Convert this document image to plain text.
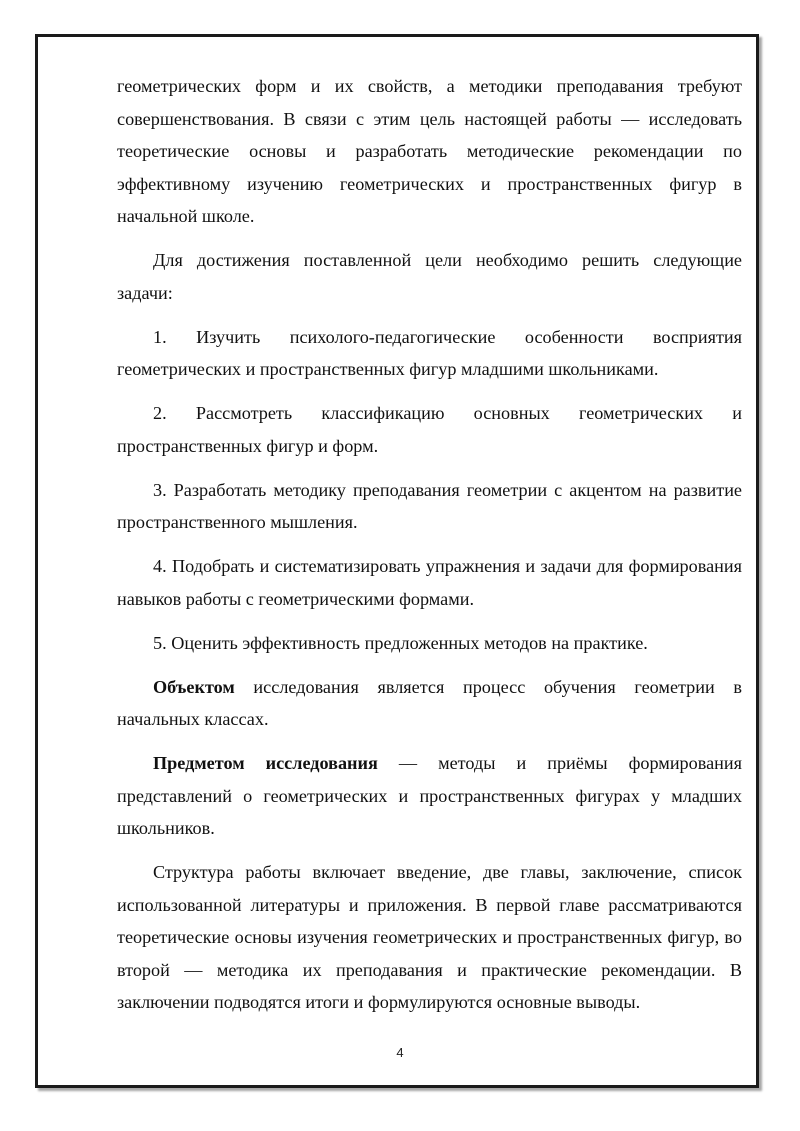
геометрических форм и их свойств, а методики преподавания требуют совершенствования. В связи с этим цель настоящей работы — исследовать теоретические основы и разработать методические рекомендации по эффективному изучению геометрических и пространственных фигур в начальной школе.

Для достижения поставленной цели необходимо решить следующие задачи:

1. Изучить психолого-педагогические особенности восприятия геометрических и пространственных фигур младшими школьниками.

2. Рассмотреть классификацию основных геометрических и пространственных фигур и форм.

3. Разработать методику преподавания геометрии с акцентом на развитие пространственного мышления.

4. Подобрать и систематизировать упражнения и задачи для формирования навыков работы с геометрическими формами.

5. Оценить эффективность предложенных методов на практике.

Объектом исследования является процесс обучения геометрии в начальных классах.

Предметом исследования — методы и приёмы формирования представлений о геометрических и пространственных фигурах у младших школьников.

Структура работы включает введение, две главы, заключение, список использованной литературы и приложения. В первой главе рассматриваются теоретические основы изучения геометрических и пространственных фигур, во второй — методика их преподавания и практические рекомендации. В заключении подводятся итоги и формулируются основные выводы.

4
